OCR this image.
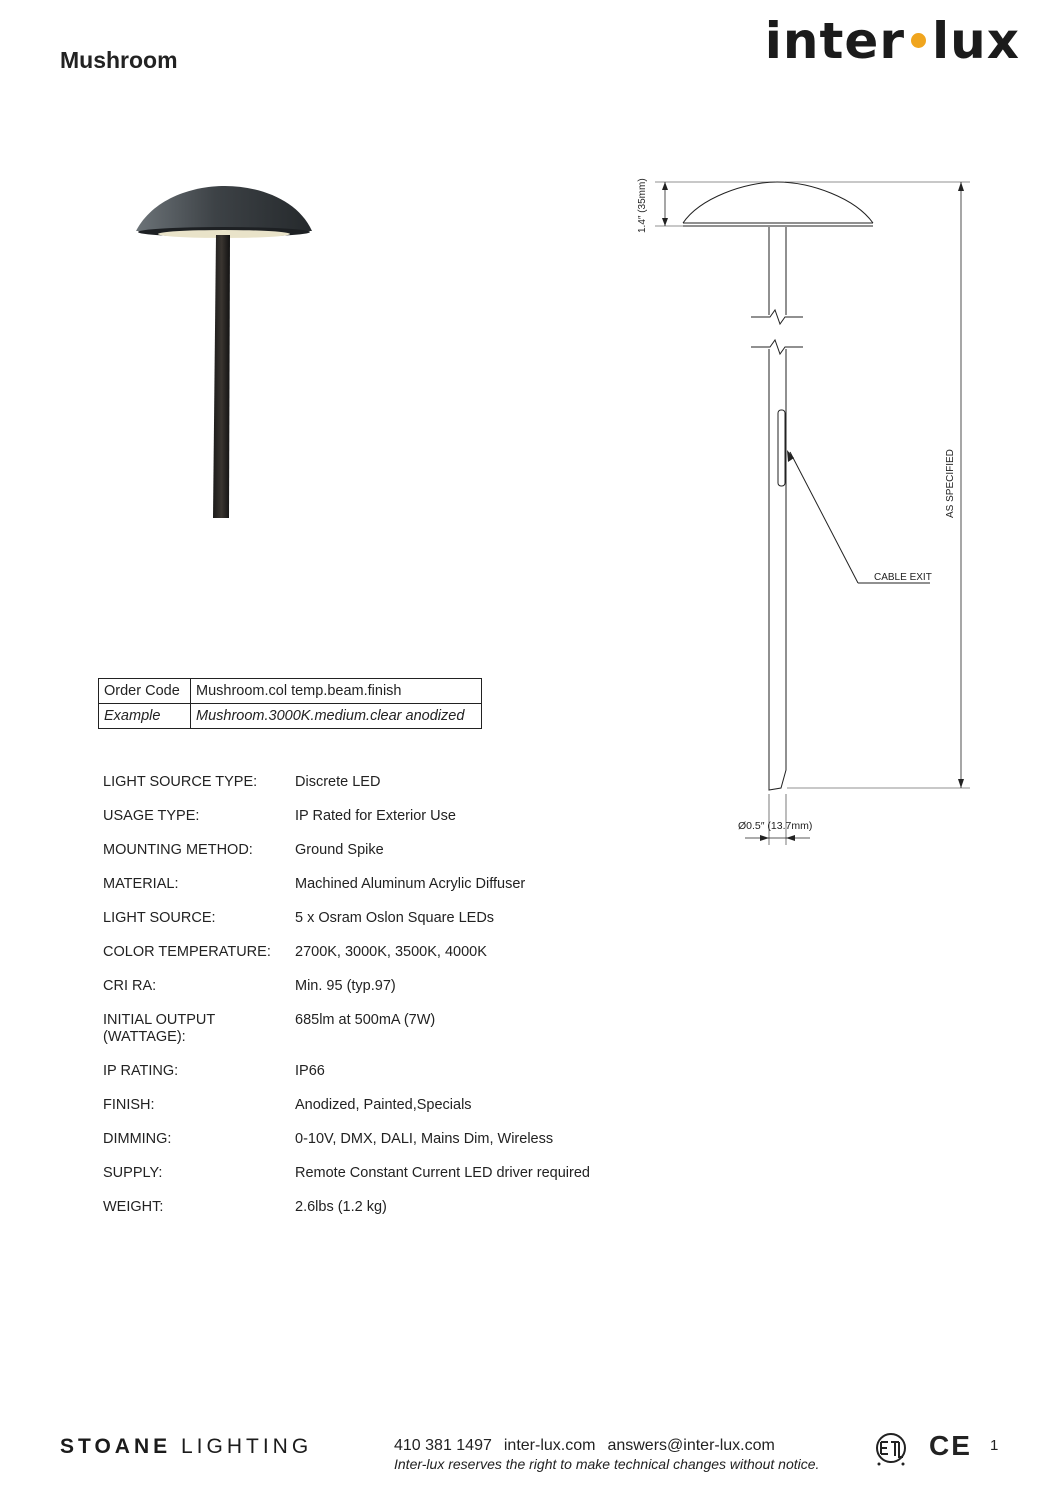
Mushroom	inter lux
1.4″ (35mm)
AS SPECIFIED
CABLE EXIT
Ø0.5″ (13.7mm)
Order Code	Mushroom.col temp.beam.finish
Example	Mushroom.3000K.medium.clear anodized
LIGHT SOURCE TYPE:	Discrete LED
USAGE TYPE:	IP Rated for Exterior Use
MOUNTING METHOD:	Ground Spike
MATERIAL:	Machined Aluminum Acrylic Diffuser
LIGHT SOURCE:	5 x Osram Oslon Square LEDs
COLOR TEMPERATURE:	2700K, 3000K, 3500K, 4000K
CRI RA:	Min. 95 (typ.97)
INITIAL OUTPUT (WATTAGE):
685lm at 500mA (7W)
IP RATING:	IP66
FINISH:	Anodized, Painted,Specials
DIMMING:	0-10V, DMX, DALI, Mains Dim, Wireless
SUPPLY:	Remote Constant Current LED driver required
WEIGHT:	2.6lbs (1.2 kg)
STOANE LIGHTING	410 381 1497 inter-lux.com answers@inter-lux.com
Inter-lux reserves the right to make technical changes without notice.
CE 1
